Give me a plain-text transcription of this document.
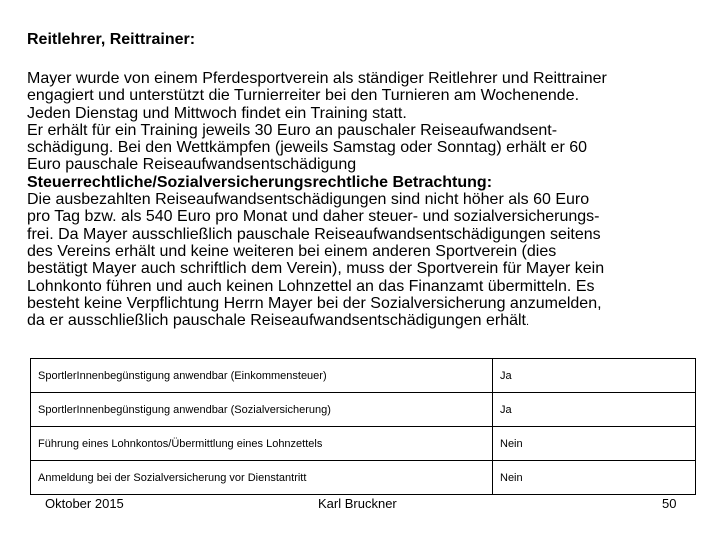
Reitlehrer, Reittrainer:
Mayer wurde von einem Pferdesportverein als ständiger Reitlehrer und Reittrainer
engagiert und unterstützt die Turnierreiter bei den Turnieren am Wochenende.
Jeden Dienstag und Mittwoch findet ein Training statt.
Er erhält für ein Training jeweils 30 Euro an pauschaler Reiseaufwandsent-
schädigung. Bei den Wettkämpfen (jeweils Samstag oder Sonntag) erhält er 60
Euro pauschale Reiseaufwandsentschädigung
Steuerrechtliche/Sozialversicherungsrechtliche Betrachtung:
Die ausbezahlten Reiseaufwandsentschädigungen sind nicht höher als 60 Euro
pro Tag bzw. als 540 Euro pro Monat und daher steuer- und sozialversicherungs-
frei. Da Mayer ausschließlich pauschale Reiseaufwandsentschädigungen seitens
des Vereins erhält und keine weiteren bei einem anderen Sportverein (dies
bestätigt Mayer auch schriftlich dem Verein), muss der Sportverein für Mayer kein
Lohnkonto führen und auch keinen Lohnzettel an das Finanzamt übermitteln. Es
besteht keine Verpflichtung Herrn Mayer bei der Sozialversicherung anzumelden,
da er ausschließlich pauschale Reiseaufwandsentschädigungen erhält.
SportlerInnenbegünstigung anwendbar (Einkommensteuer)	Ja
SportlerInnenbegünstigung anwendbar (Sozialversicherung)	Ja
Führung eines Lohnkontos/Übermittlung eines Lohnzettels	Nein
Anmeldung bei der Sozialversicherung vor Dienstantritt	Nein
Oktober 2015	Karl Bruckner	50
